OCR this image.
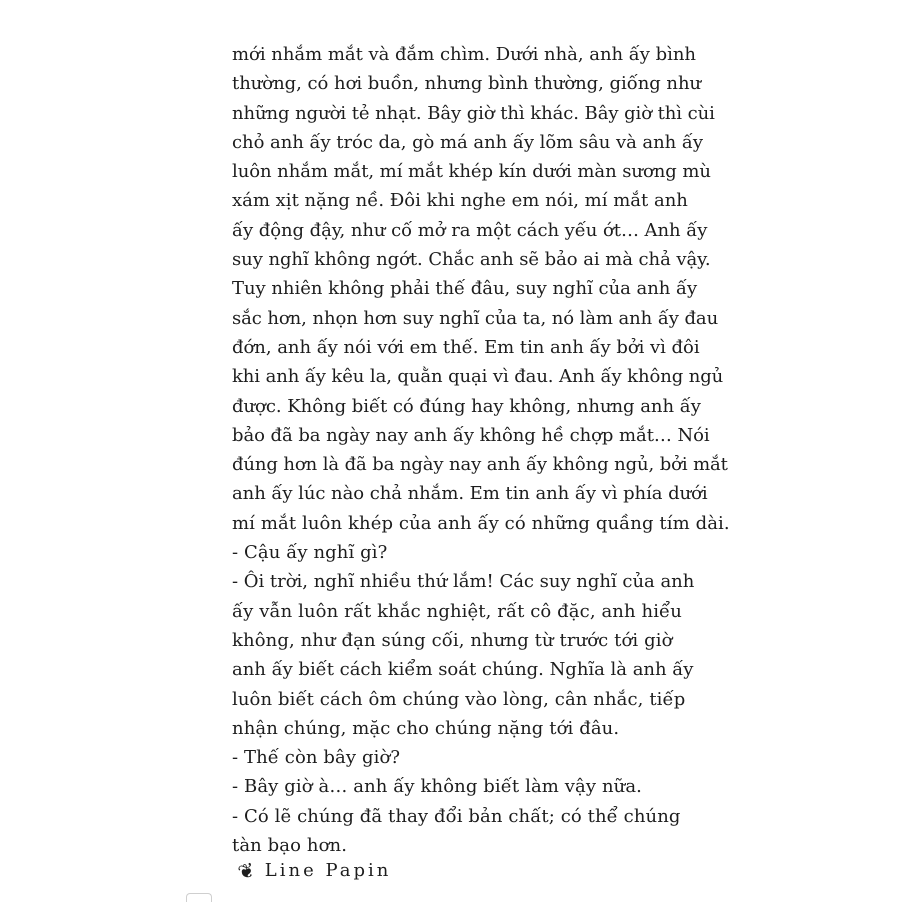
mới nhắm mắt và đắm chìm. Dưới nhà, anh ấy bình
thường, có hơi buồn, nhưng bình thường, giống như
những người tẻ nhạt. Bây giờ thì khác. Bây giờ thì cùi
chỏ anh ấy tróc da, gò má anh ấy lõm sâu và anh ấy
luôn nhắm mắt, mí mắt khép kín dưới màn sương mù
xám xịt nặng nề. Đôi khi nghe em nói, mí mắt anh
ấy động đậy, như cố mở ra một cách yếu ớt… Anh ấy
suy nghĩ không ngớt. Chắc anh sẽ bảo ai mà chả vậy.
Tuy nhiên không phải thế đâu, suy nghĩ của anh ấy
sắc hơn, nhọn hơn suy nghĩ của ta, nó làm anh ấy đau
đớn, anh ấy nói với em thế. Em tin anh ấy bởi vì đôi
khi anh ấy kêu la, quằn quại vì đau. Anh ấy không ngủ
được. Không biết có đúng hay không, nhưng anh ấy
bảo đã ba ngày nay anh ấy không hề chợp mắt… Nói
đúng hơn là đã ba ngày nay anh ấy không ngủ, bởi mắt
anh ấy lúc nào chả nhắm. Em tin anh ấy vì phía dưới
mí mắt luôn khép của anh ấy có những quầng tím dài.
- Cậu ấy nghĩ gì?
- Ôi trời, nghĩ nhiều thứ lắm! Các suy nghĩ của anh
ấy vẫn luôn rất khắc nghiệt, rất cô đặc, anh hiểu
không, như đạn súng cối, nhưng từ trước tới giờ
anh ấy biết cách kiểm soát chúng. Nghĩa là anh ấy
luôn biết cách ôm chúng vào lòng, cân nhắc, tiếp
nhận chúng, mặc cho chúng nặng tới đâu.
- Thế còn bây giờ?
- Bây giờ à… anh ấy không biết làm vậy nữa.
- Có lẽ chúng đã thay đổi bản chất; có thể chúng
tàn bạo hơn.
❦ Line Papin
